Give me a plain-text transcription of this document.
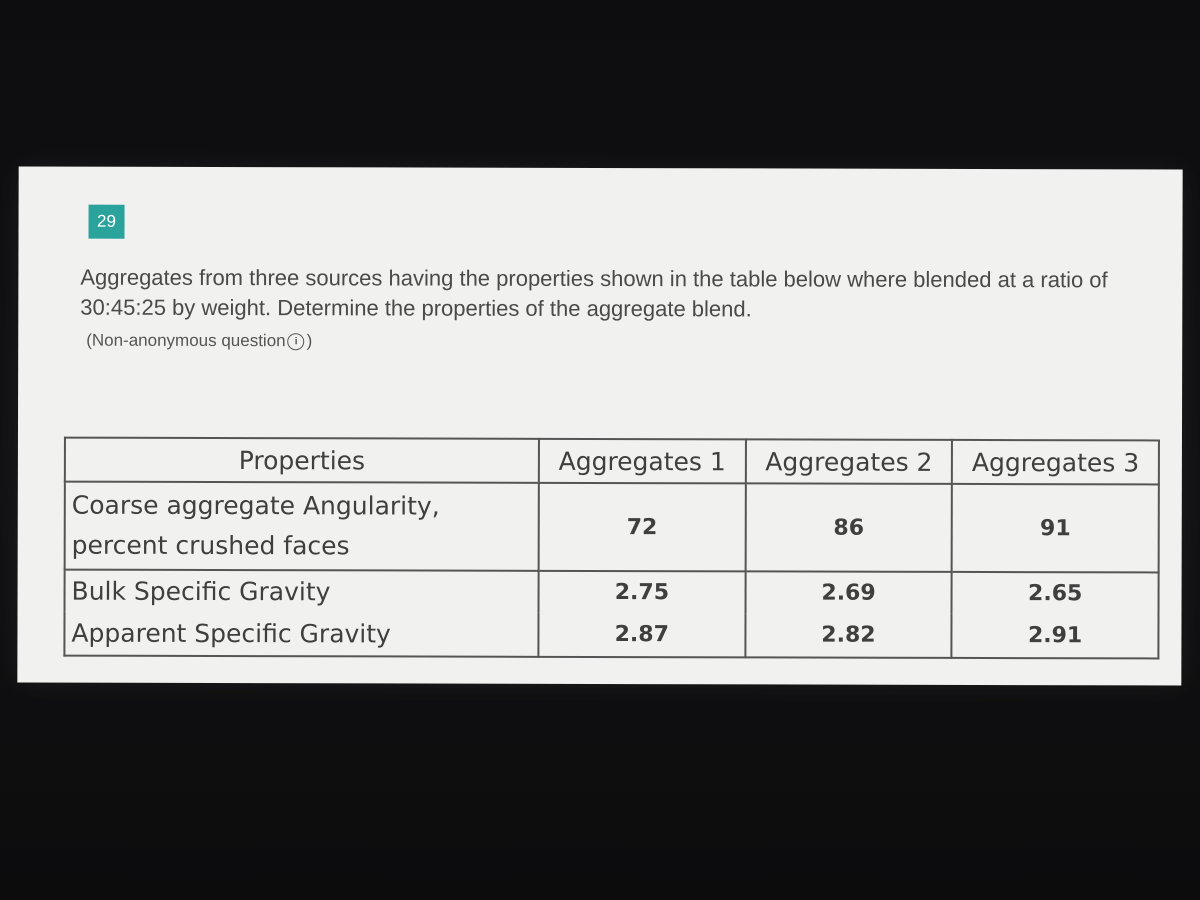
29
Aggregates from three sources having the properties shown in the table below where blended at a ratio of 30:45:25 by weight. Determine the properties of the aggregate blend.
(Non-anonymous question i )
Properties	Aggregates 1	Aggregates 2	Aggregates 3

Coarse aggregate Angularity,
percent crushed faces	72	86	91
Bulk Specific Gravity	2.75	2.69	2.65
Apparent Specific Gravity	2.87	2.82	2.91
